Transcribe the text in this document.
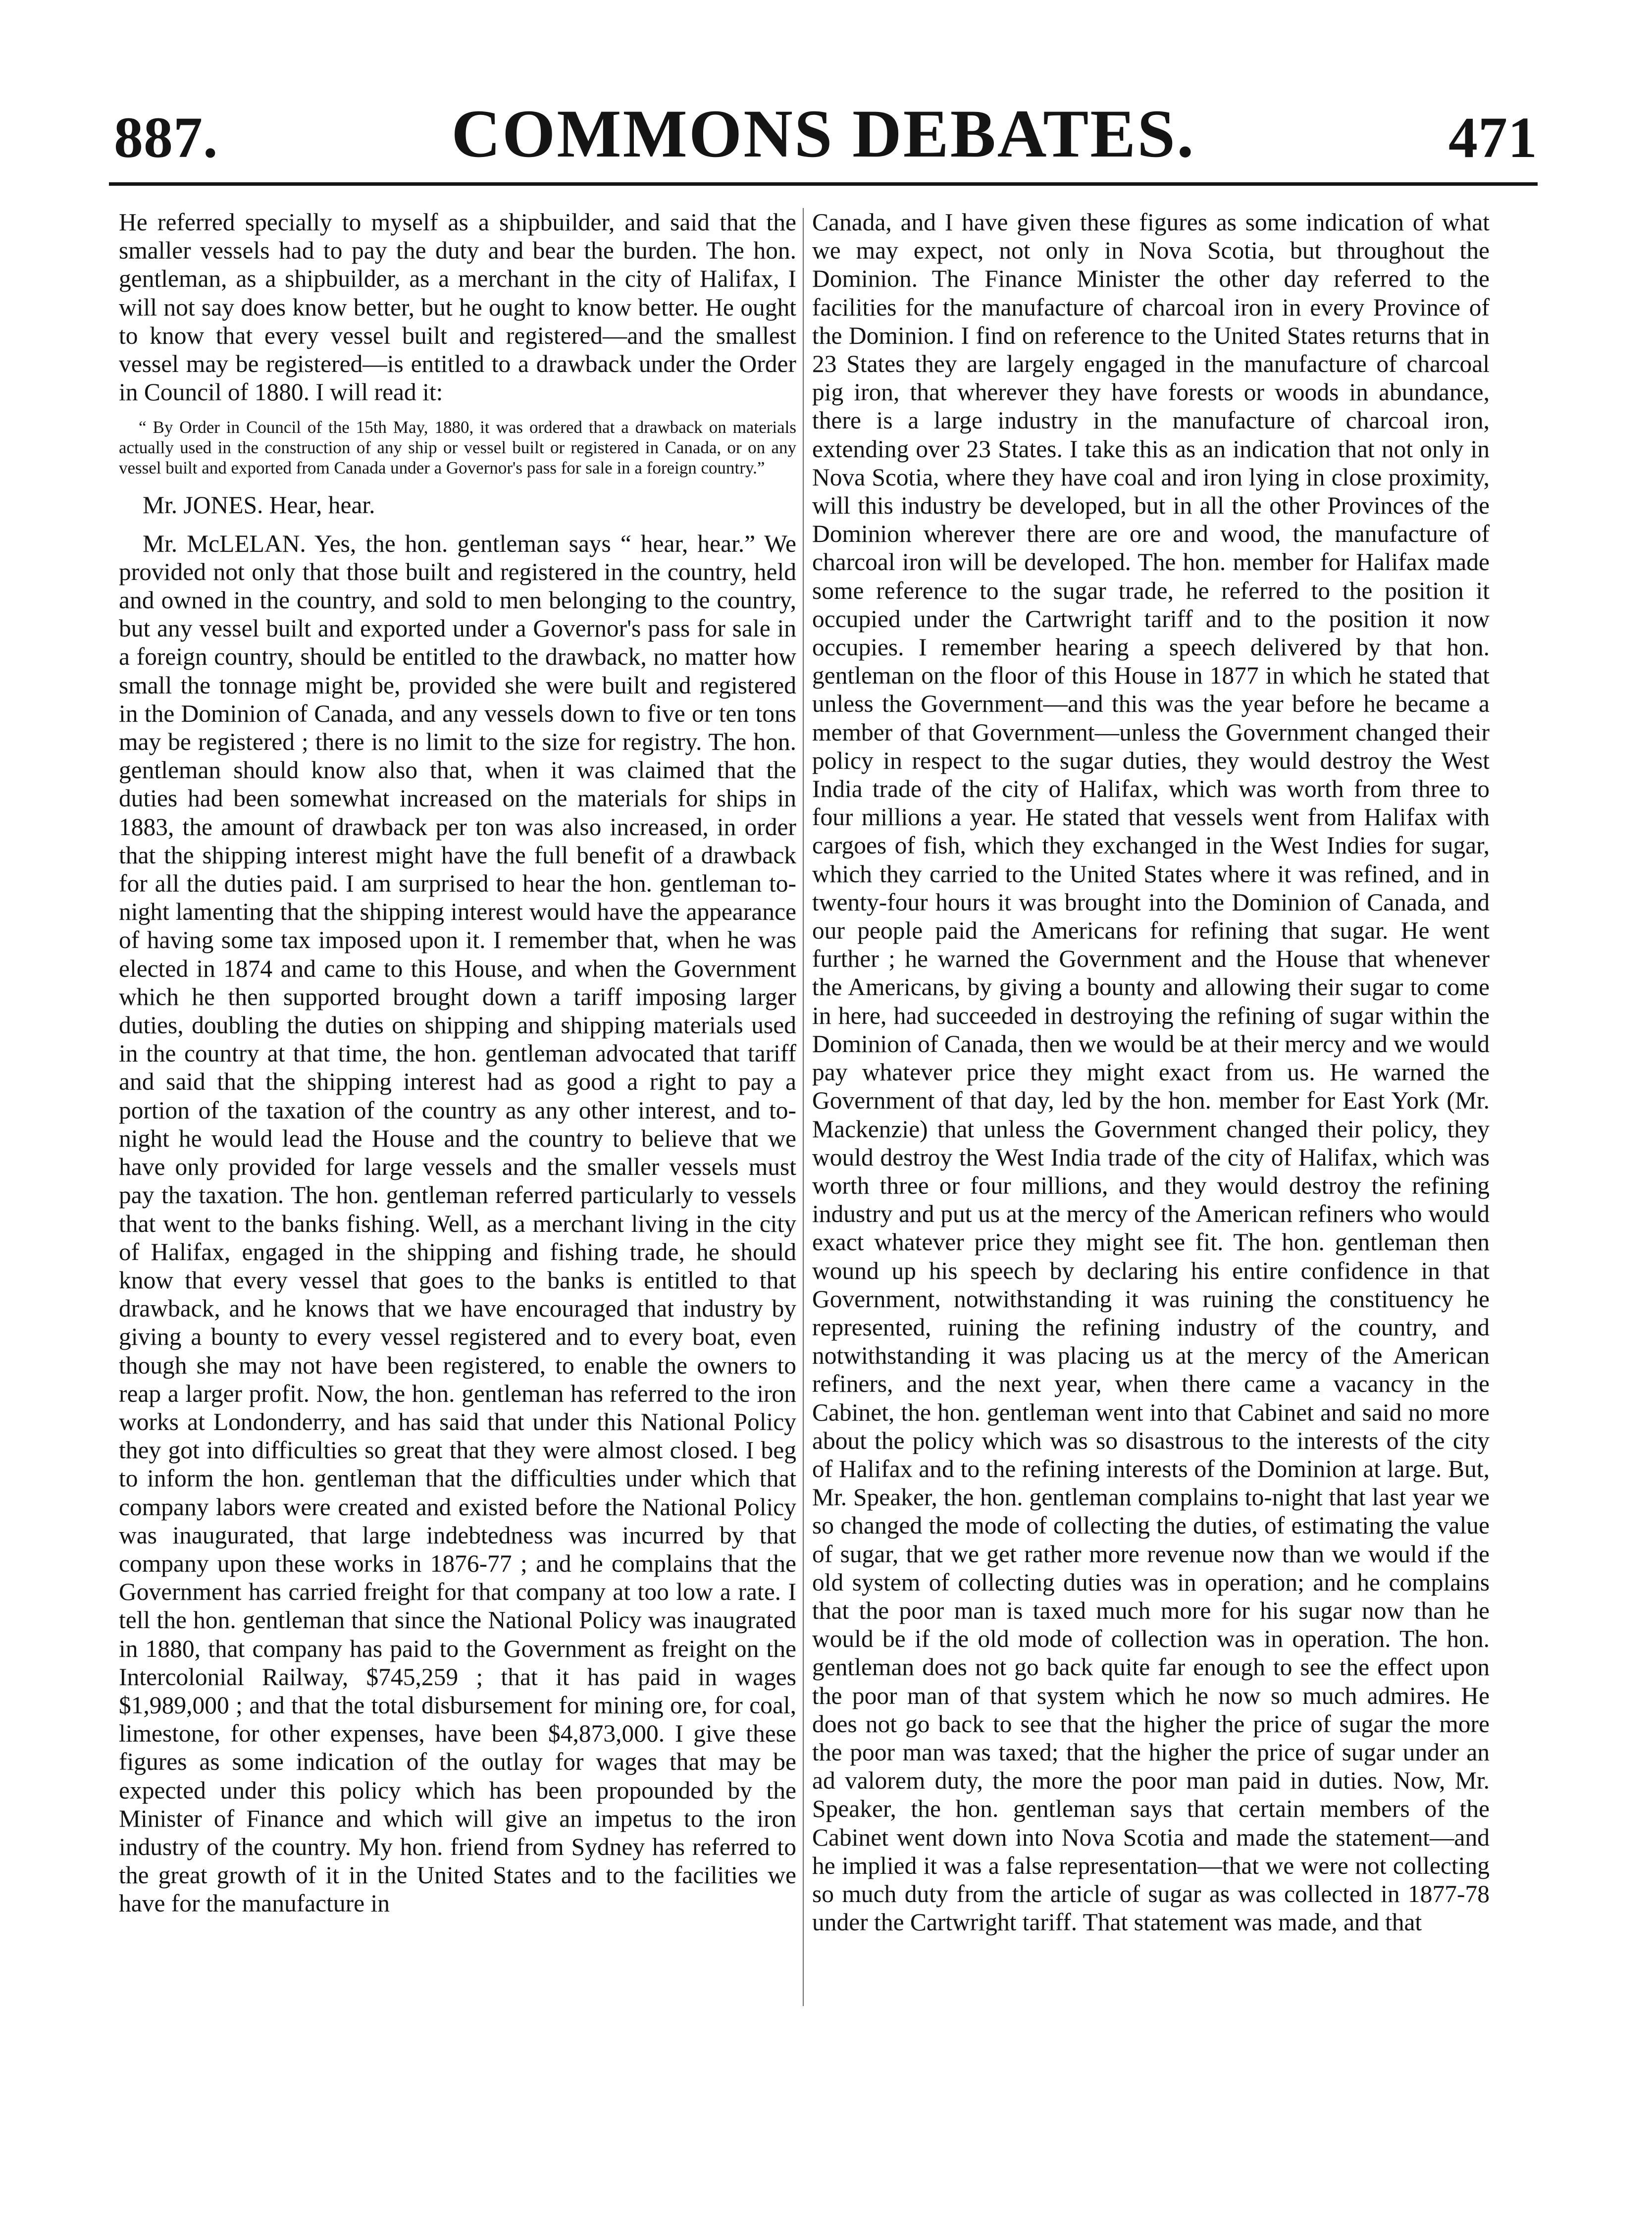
887.	COMMONS DEBATES.	471

He referred specially to myself as a shipbuilder, and said that the smaller vessels had to pay the duty and bear the burden. The hon. gentleman, as a shipbuilder, as a merchant in the city of Halifax, I will not say does know better, but he ought to know better. He ought to know that every vessel built and registered—and the smallest vessel may be registered—is entitled to a drawback under the Order in Council of 1880. I will read it:

“ By Order in Council of the 15th May, 1880, it was ordered that a drawback on materials actually used in the construction of any ship or vessel built or registered in Canada, or on any vessel built and exported from Canada under a Governor's pass for sale in a foreign country.”

Mr. JONES. Hear, hear.

Mr. McLELAN. Yes, the hon. gentleman says “ hear, hear.” We provided not only that those built and registered in the country, held and owned in the country, and sold to men belonging to the country, but any vessel built and exported under a Governor's pass for sale in a foreign country, should be entitled to the drawback, no matter how small the tonnage might be, provided she were built and registered in the Dominion of Canada, and any vessels down to five or ten tons may be registered ; there is no limit to the size for registry. The hon. gentleman should know also that, when it was claimed that the duties had been somewhat increased on the materials for ships in 1883, the amount of drawback per ton was also increased, in order that the shipping interest might have the full benefit of a drawback for all the duties paid. I am surprised to hear the hon. gentleman to-night lamenting that the shipping interest would have the appearance of having some tax imposed upon it. I remember that, when he was elected in 1874 and came to this House, and when the Government which he then supported brought down a tariff imposing larger duties, doubling the duties on shipping and shipping materials used in the country at that time, the hon. gentleman advocated that tariff and said that the shipping interest had as good a right to pay a portion of the taxation of the country as any other interest, and to-night he would lead the House and the country to believe that we have only provided for large vessels and the smaller vessels must pay the taxation. The hon. gentleman referred particularly to vessels that went to the banks fishing. Well, as a merchant living in the city of Halifax, engaged in the shipping and fishing trade, he should know that every vessel that goes to the banks is entitled to that drawback, and he knows that we have encouraged that industry by giving a bounty to every vessel registered and to every boat, even though she may not have been registered, to enable the owners to reap a larger profit. Now, the hon. gentleman has referred to the iron works at Londonderry, and has said that under this National Policy they got into difficulties so great that they were almost closed. I beg to inform the hon. gentleman that the difficulties under which that company labors were created and existed before the National Policy was inaugurated, that large indebtedness was incurred by that company upon these works in 1876-77 ; and he complains that the Government has carried freight for that company at too low a rate. I tell the hon. gentleman that since the National Policy was inaugrated in 1880, that company has paid to the Government as freight on the Intercolonial Railway, $745,259 ; that it has paid in wages $1,989,000 ; and that the total disbursement for mining ore, for coal, limestone, for other expenses, have been $4,873,000. I give these figures as some indication of the outlay for wages that may be expected under this policy which has been propounded by the Minister of Finance and which will give an impetus to the iron industry of the country. My hon. friend from Sydney has referred to the great growth of it in the United States and to the facilities we have for the manufacture in

Canada, and I have given these figures as some indication of what we may expect, not only in Nova Scotia, but throughout the Dominion. The Finance Minister the other day referred to the facilities for the manufacture of charcoal iron in every Province of the Dominion. I find on reference to the United States returns that in 23 States they are largely engaged in the manufacture of charcoal pig iron, that wherever they have forests or woods in abundance, there is a large industry in the manufacture of charcoal iron, extending over 23 States. I take this as an indication that not only in Nova Scotia, where they have coal and iron lying in close proximity, will this industry be developed, but in all the other Provinces of the Dominion wherever there are ore and wood, the manufacture of charcoal iron will be developed. The hon. member for Halifax made some reference to the sugar trade, he referred to the position it occupied under the Cartwright tariff and to the position it now occupies. I remember hearing a speech delivered by that hon. gentleman on the floor of this House in 1877 in which he stated that unless the Government—and this was the year before he became a member of that Government—unless the Government changed their policy in respect to the sugar duties, they would destroy the West India trade of the city of Halifax, which was worth from three to four millions a year. He stated that vessels went from Halifax with cargoes of fish, which they exchanged in the West Indies for sugar, which they carried to the United States where it was refined, and in twenty-four hours it was brought into the Dominion of Canada, and our people paid the Americans for refining that sugar. He went further ; he warned the Government and the House that whenever the Americans, by giving a bounty and allowing their sugar to come in here, had succeeded in destroying the refining of sugar within the Dominion of Canada, then we would be at their mercy and we would pay whatever price they might exact from us. He warned the Government of that day, led by the hon. member for East York (Mr. Mackenzie) that unless the Government changed their policy, they would destroy the West India trade of the city of Halifax, which was worth three or four millions, and they would destroy the refining industry and put us at the mercy of the American refiners who would exact whatever price they might see fit. The hon. gentleman then wound up his speech by declaring his entire confidence in that Government, notwithstanding it was ruining the constituency he represented, ruining the refining industry of the country, and notwithstanding it was placing us at the mercy of the American refiners, and the next year, when there came a vacancy in the Cabinet, the hon. gentleman went into that Cabinet and said no more about the policy which was so disastrous to the interests of the city of Halifax and to the refining interests of the Dominion at large. But, Mr. Speaker, the hon. gentleman complains to-night that last year we so changed the mode of collecting the duties, of estimating the value of sugar, that we get rather more revenue now than we would if the old system of collecting duties was in operation; and he complains that the poor man is taxed much more for his sugar now than he would be if the old mode of collection was in operation. The hon. gentleman does not go back quite far enough to see the effect upon the poor man of that system which he now so much admires. He does not go back to see that the higher the price of sugar the more the poor man was taxed; that the higher the price of sugar under an ad valorem duty, the more the poor man paid in duties. Now, Mr. Speaker, the hon. gentleman says that certain members of the Cabinet went down into Nova Scotia and made the statement—and he implied it was a false representation—that we were not collecting so much duty from the article of sugar as was collected in 1877-78 under the Cartwright tariff. That statement was made, and that
